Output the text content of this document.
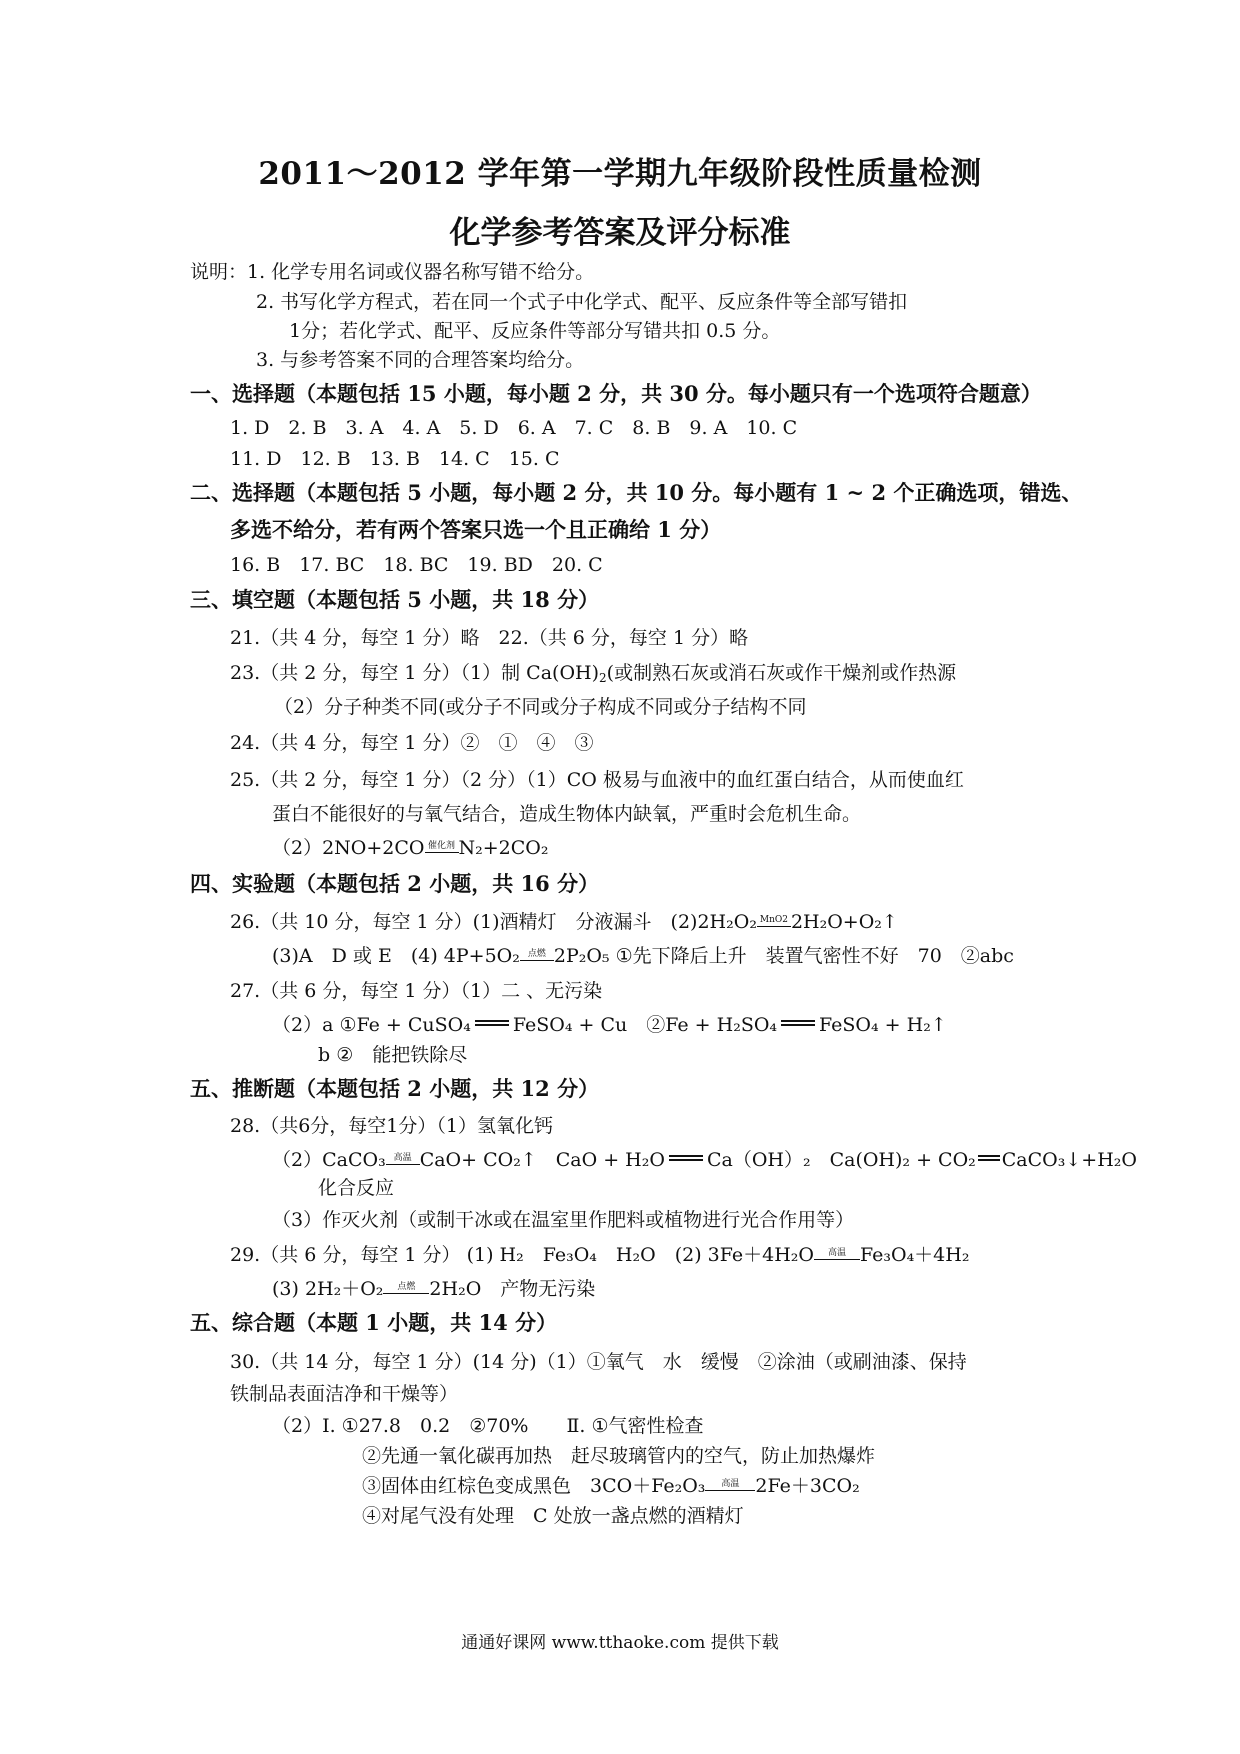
2011～2012 学年第一学期九年级阶段性质量检测
化学参考答案及评分标准
说明：1. 化学专用名词或仪器名称写错不给分。
2. 书写化学方程式，若在同一个式子中化学式、配平、反应条件等全部写错扣
1分；若化学式、配平、反应条件等部分写错共扣 0.5 分。
3. 与参考答案不同的合理答案均给分。
一、选择题（本题包括 15 小题，每小题 2 分，共 30 分。每小题只有一个选项符合题意）
1. D　2. B　3. A　4. A　5. D　6. A　7. C　8. B　9. A　10. C
11. D　12. B　13. B　14. C　15. C
二、选择题（本题包括 5 小题，每小题 2 分，共 10 分。每小题有 1 ~ 2 个正确选项，错选、
多选不给分，若有两个答案只选一个且正确给 1 分）
16. B　17. BC　18. BC　19. BD　20. C
三、填空题（本题包括 5 小题，共 18 分）
21.（共 4 分，每空 1 分）略　22.（共 6 分，每空 1 分）略
23.（共 2 分，每空 1 分）（1）制 $Ca(OH)_2$(或制熟石灰或消石灰或作干燥剂或作热源
（2）分子种类不同(或分子不同或分子构成不同或分子结构不同
24.（共 4 分，每空 1 分）②　①　④　③
25.（共 2 分，每空 1 分）（2 分）（1）CO 极易与血液中的血红蛋白结合，从而使血红
蛋白不能很好的与氧气结合，造成生物体内缺氧，严重时会危机生命。
（2）2NO+2CO 催化剂 N₂+2CO₂
四、实验题（本题包括 2 小题，共 16 分）
26.（共 10 分，每空 1 分）(1)酒精灯　分液漏斗　(2)2H₂O₂ MnO2 2H₂O+O₂↑
(3)A　D 或 E　(4) 4P+5O₂ 点燃 2P₂O₅ ①先下降后上升　装置气密性不好　70　②abc
27.（共 6 分，每空 1 分）（1）二 、无污染
（2）a ①Fe + CuSO₄ FeSO₄ + Cu　②Fe + H₂SO₄ FeSO₄ + H₂↑
b ②　能把铁除尽
五、推断题（本题包括 2 小题，共 12 分）
28.（共6分，每空1分）（1）氢氧化钙
（2）CaCO₃ 高温 CaO+ CO₂↑　CaO + H₂O Ca（OH）₂　Ca(OH)₂ + CO₂ CaCO₃↓+H₂O
化合反应
（3）作灭火剂（或制干冰或在温室里作肥料或植物进行光合作用等）
29.（共 6 分，每空 1 分） (1) H₂　Fe₃O₄　H₂O　(2) 3Fe＋4H₂O	高温 Fe₃O₄＋4H₂
(3) 2H₂＋O₂	点燃 2H₂O　产物无污染
五、综合题（本题 1 小题，共 14 分）
30.（共 14 分，每空 1 分）(14 分)（1）①氧气　水　缓慢　②涂油（或刷油漆、保持
铁制品表面洁净和干燥等）
（2）Ⅰ. ①27.8　0.2　②70%　　Ⅱ. ①气密性检查
②先通一氧化碳再加热　赶尽玻璃管内的空气，防止加热爆炸
③固体由红棕色变成黑色　3CO＋Fe₂O₃	高温 2Fe＋3CO₂
④对尾气没有处理　C 处放一盏点燃的酒精灯
通通好课网 www.tthaoke.com 提供下载
